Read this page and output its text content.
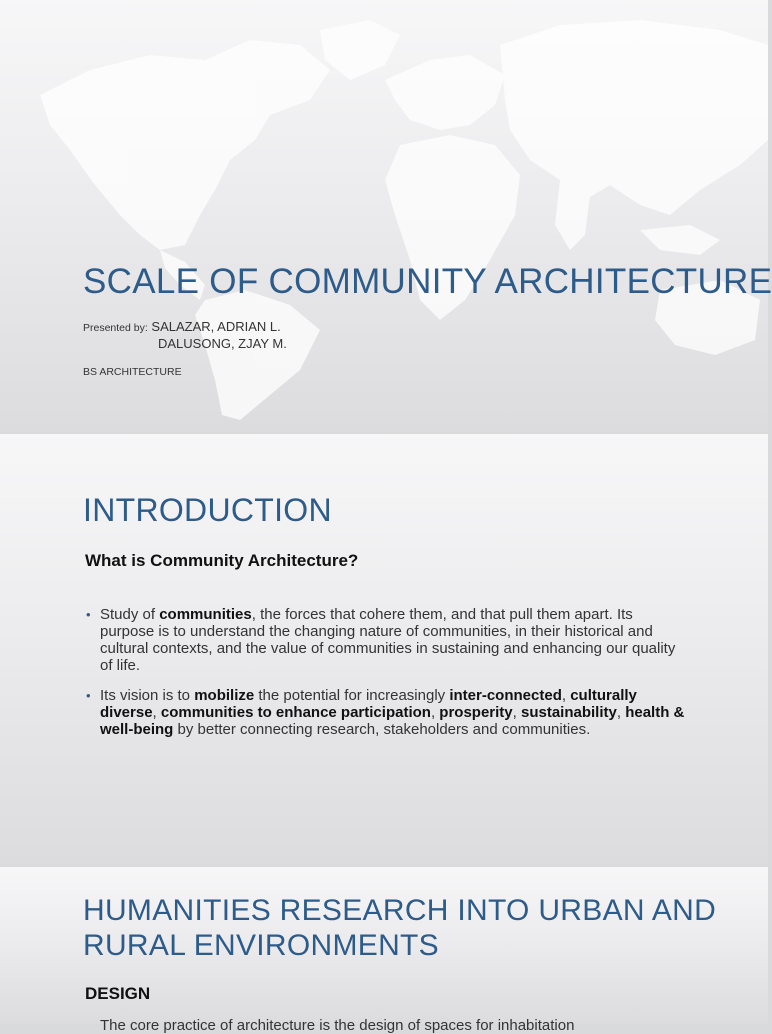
SCALE OF COMMUNITY ARCHITECTURE
Presented by: SALAZAR, ADRIAN L.
DALUSONG, ZJAY M.
BS ARCHITECTURE
INTRODUCTION
What is Community Architecture?
• Study of communities, the forces that cohere them, and that pull them apart. Its purpose is to understand the changing nature of communities, in their historical and cultural contexts, and the value of communities in sustaining and enhancing our quality of life.
• Its vision is to mobilize the potential for increasingly inter-connected, culturally diverse, communities to enhance participation, prosperity, sustainability, health & well-being by better connecting research, stakeholders and communities.
HUMANITIES RESEARCH INTO URBAN AND RURAL ENVIRONMENTS
DESIGN
The core practice of architecture is the design of spaces for inhabitation
